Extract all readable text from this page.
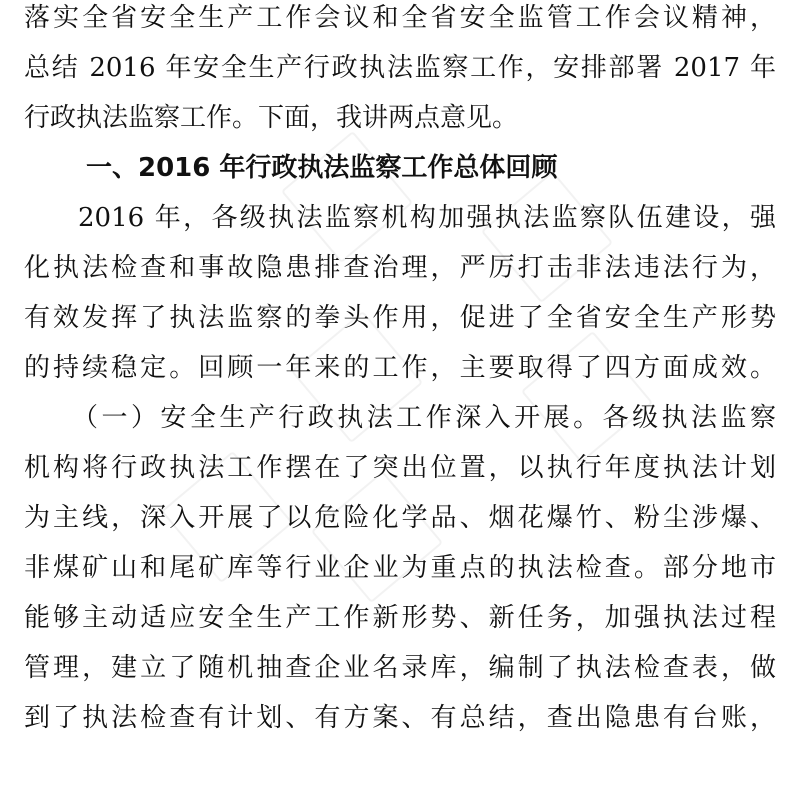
落实全省安全生产工作会议和全省安全监管工作会议精神，
总结 2016 年安全生产行政执法监察工作，安排部署 2017 年
行政执法监察工作。下面，我讲两点意见。
一、2016 年行政执法监察工作总体回顾
2016 年，各级执法监察机构加强执法监察队伍建设，强
化执法检查和事故隐患排查治理，严厉打击非法违法行为，
有效发挥了执法监察的拳头作用，促进了全省安全生产形势
的持续稳定。回顾一年来的工作，主要取得了四方面成效。
（一）安全生产行政执法工作深入开展。各级执法监察
机构将行政执法工作摆在了突出位置，以执行年度执法计划
为主线，深入开展了以危险化学品、烟花爆竹、粉尘涉爆、
非煤矿山和尾矿库等行业企业为重点的执法检查。部分地市
能够主动适应安全生产工作新形势、新任务，加强执法过程
管理，建立了随机抽查企业名录库，编制了执法检查表，做
到了执法检查有计划、有方案、有总结，查出隐患有台账，
